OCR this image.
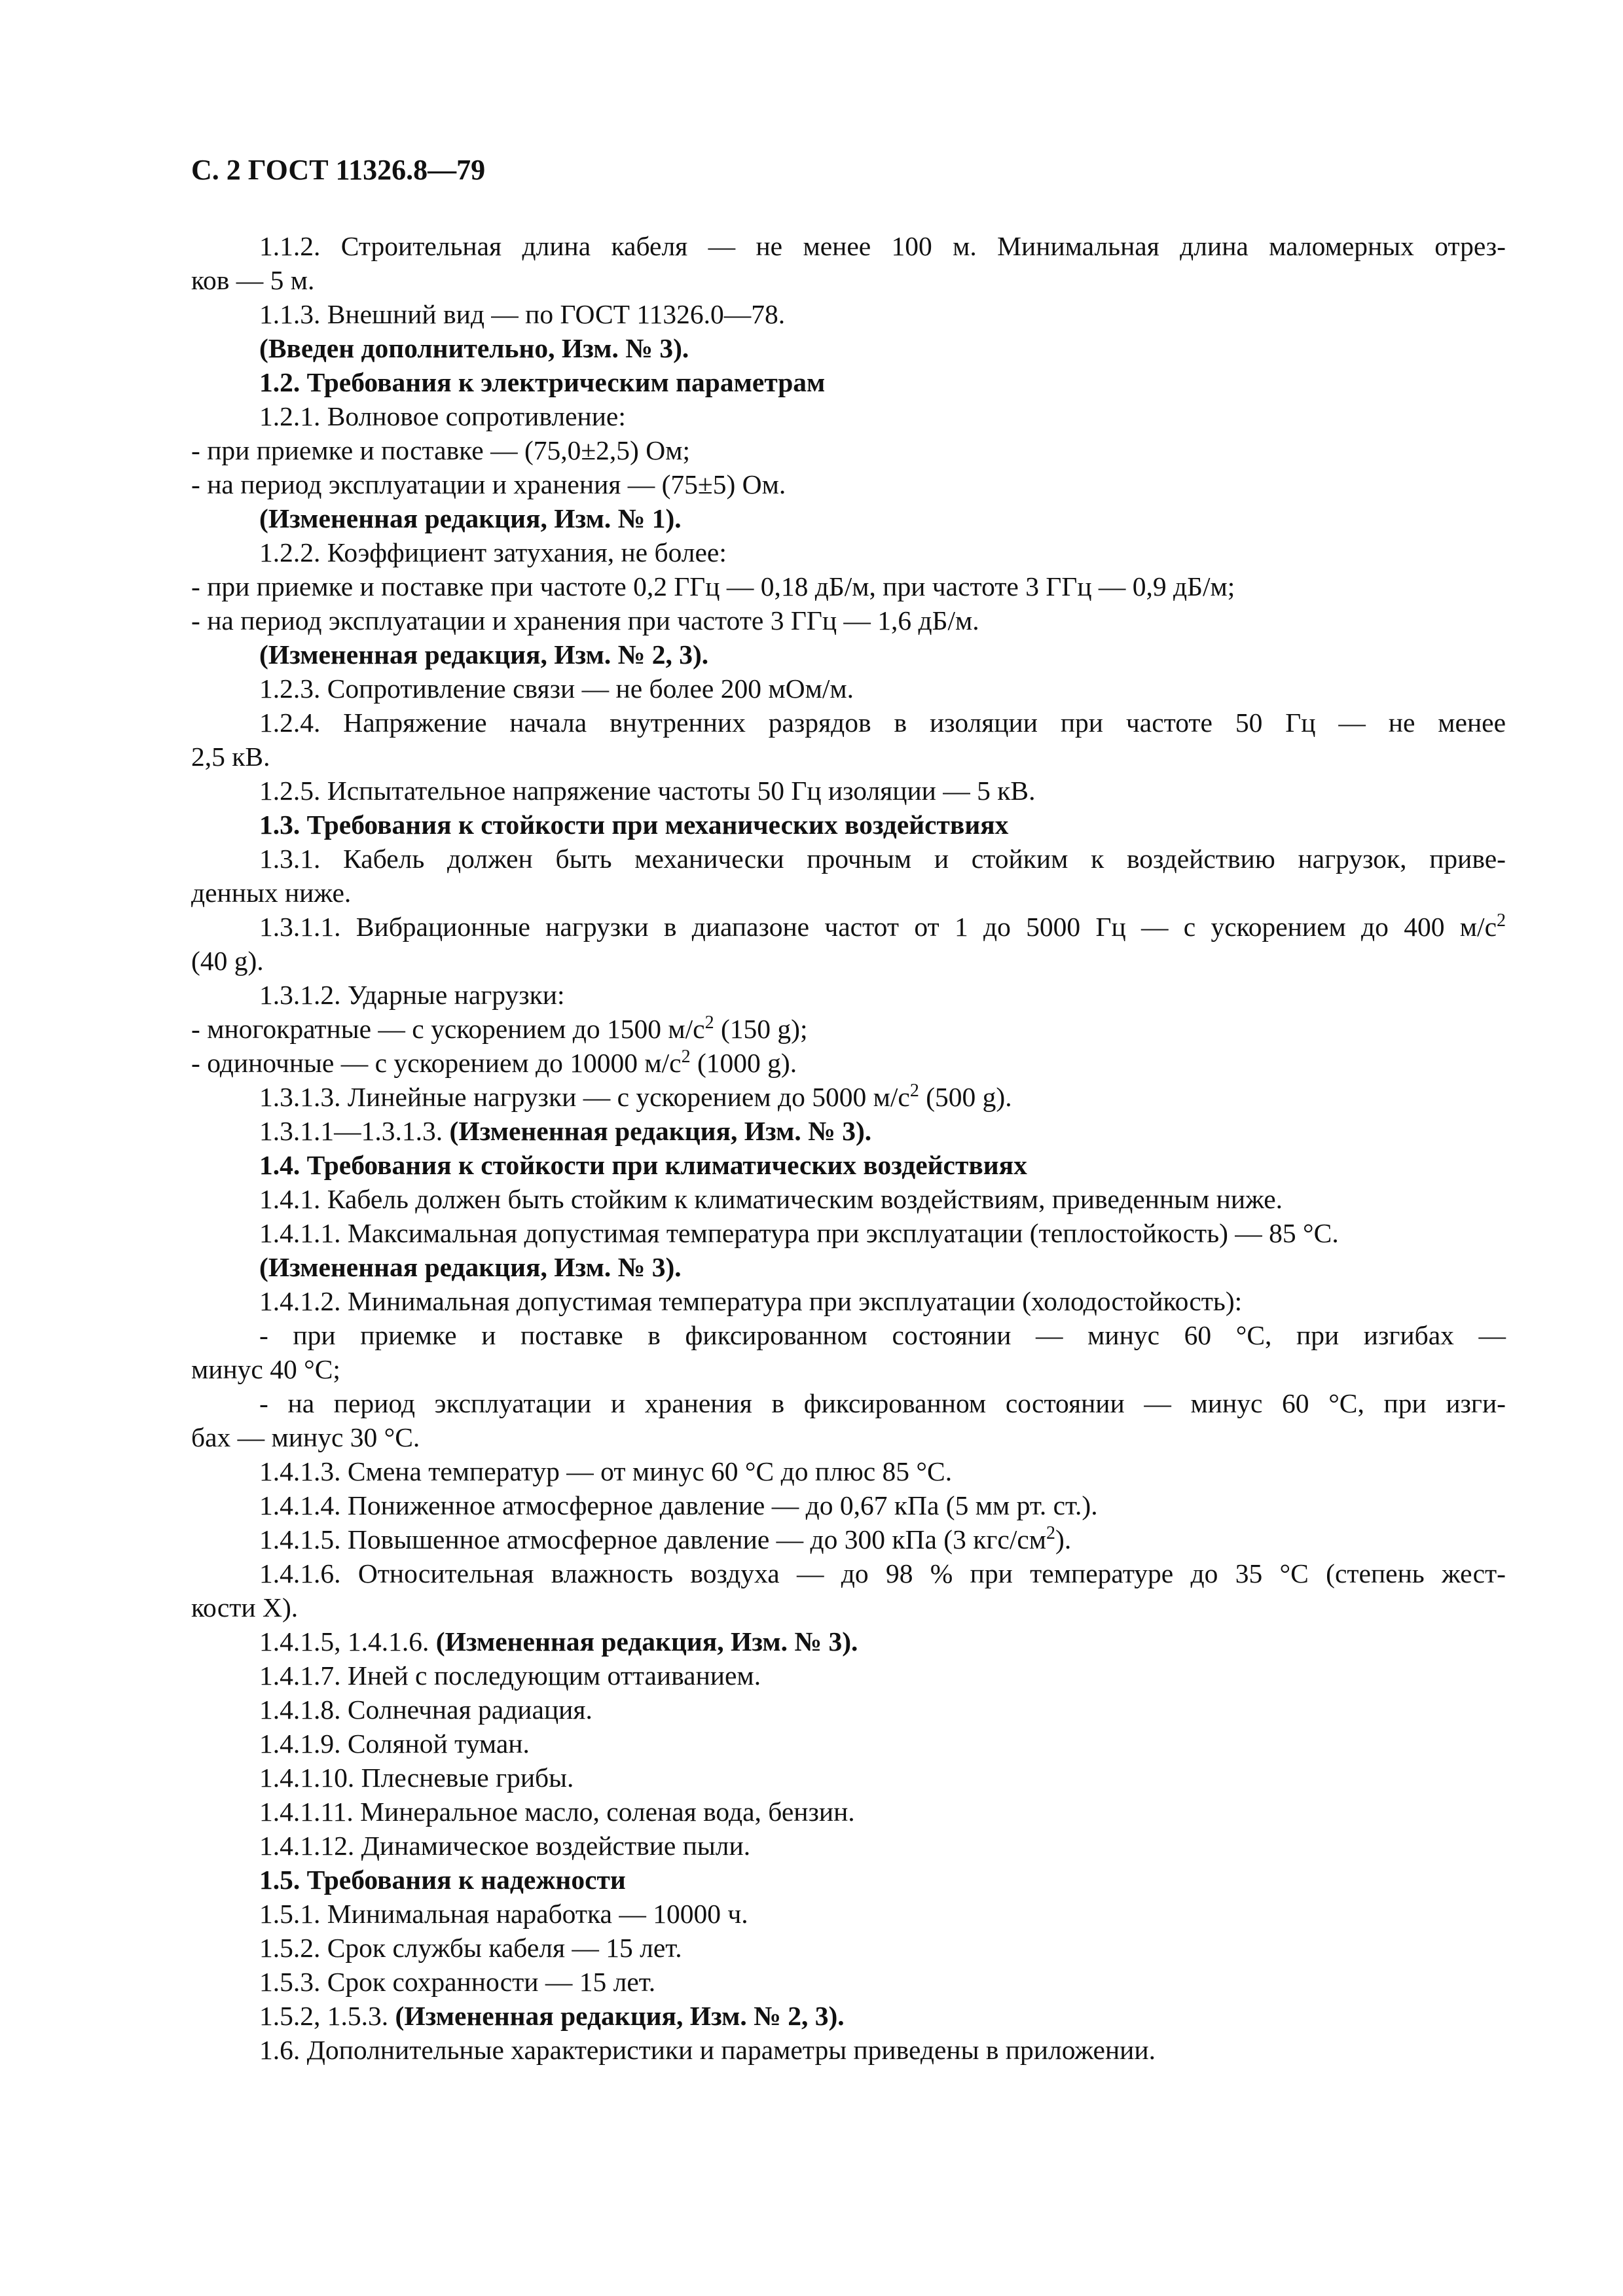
С. 2 ГОСТ 11326.8—79
1.1.2. Строительная длина кабеля — не менее 100 м. Минимальная длина маломерных отрез-
ков — 5 м.
1.1.3. Внешний вид — по ГОСТ 11326.0—78.
(Введен дополнительно, Изм. № 3).
1.2. Требования к электрическим параметрам
1.2.1. Волновое сопротивление:
- при приемке и поставке — (75,0±2,5) Ом;
- на период эксплуатации и хранения — (75±5) Ом.
(Измененная редакция, Изм. № 1).
1.2.2. Коэффициент затухания, не более:
- при приемке и поставке при частоте 0,2 ГГц — 0,18 дБ/м, при частоте 3 ГГц — 0,9 дБ/м;
- на период эксплуатации и хранения при частоте 3 ГГц — 1,6 дБ/м.
(Измененная редакция, Изм. № 2, 3).
1.2.3. Сопротивление связи — не более 200 мОм/м.
1.2.4. Напряжение начала внутренних разрядов в изоляции при частоте 50 Гц — не менее
2,5 кВ.
1.2.5. Испытательное напряжение частоты 50 Гц изоляции — 5 кВ.
1.3. Требования к стойкости при механических воздействиях
1.3.1. Кабель должен быть механически прочным и стойким к воздействию нагрузок, приве-
денных ниже.
1.3.1.1. Вибрационные нагрузки в диапазоне частот от 1 до 5000 Гц — с ускорением до 400 $м/с^2$
(40 g).
1.3.1.2. Ударные нагрузки:
- многократные — с ускорением до 1500 $м/с^2$ (150 g);
- одиночные — с ускорением до 10000 $м/с^2$ (1000 g).
1.3.1.3. Линейные нагрузки — с ускорением до 5000 $м/с^2$ (500 g).
1.3.1.1—1.3.1.3. (Измененная редакция, Изм. № 3).
1.4. Требования к стойкости при климатических воздействиях
1.4.1. Кабель должен быть стойким к климатическим воздействиям, приведенным ниже.
1.4.1.1. Максимальная допустимая температура при эксплуатации (теплостойкость) — 85 °С.
(Измененная редакция, Изм. № 3).
1.4.1.2. Минимальная допустимая температура при эксплуатации (холодостойкость):
- при приемке и поставке в фиксированном состоянии — минус 60 °С, при изгибах —
минус 40 °С;
- на период эксплуатации и хранения в фиксированном состоянии — минус 60 °С, при изги-
бах — минус 30 °С.
1.4.1.3. Смена температур — от минус 60 °С до плюс 85 °С.
1.4.1.4. Пониженное атмосферное давление — до 0,67 кПа (5 мм рт. ст.).
1.4.1.5. Повышенное атмосферное давление — до 300 кПа (3 кгс/$см^2$).
1.4.1.6. Относительная влажность воздуха — до 98 % при температуре до 35 °С (степень жест-
кости X).
1.4.1.5, 1.4.1.6. (Измененная редакция, Изм. № 3).
1.4.1.7. Иней с последующим оттаиванием.
1.4.1.8. Солнечная радиация.
1.4.1.9. Соляной туман.
1.4.1.10. Плесневые грибы.
1.4.1.11. Минеральное масло, соленая вода, бензин.
1.4.1.12. Динамическое воздействие пыли.
1.5. Требования к надежности
1.5.1. Минимальная наработка — 10000 ч.
1.5.2. Срок службы кабеля — 15 лет.
1.5.3. Срок сохранности — 15 лет.
1.5.2, 1.5.3. (Измененная редакция, Изм. № 2, 3).
1.6. Дополнительные характеристики и параметры приведены в приложении.
